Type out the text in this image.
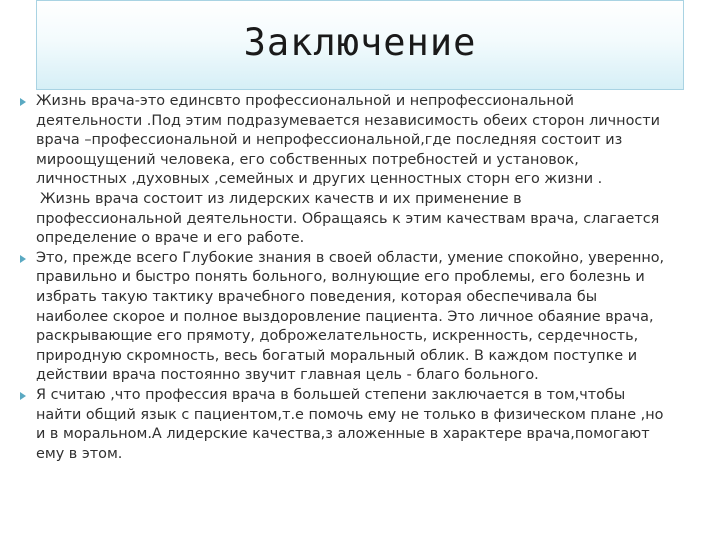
Заключение

Жизнь врача-это единсвто профессиональной и непрофессиональной деятельности .Под этим подразумевается независимость обеих сторон личности врача –профессиональной и непрофессиональной,где последняя состоит из мироощущений человека, его собственных потребностей и установок, личностных ,духовных ,семейных и других ценностных сторн его жизни .

Жизнь врача состоит из лидерских качеств и их применение в профессиональной деятельности. Обращаясь к этим качествам врача, слагается определение о враче и его работе.

Это, прежде всего Глубокие знания в своей области, умение спокойно, уверенно, правильно и быстро понять больного, волнующие его проблемы, его болезнь и избрать такую тактику врачебного поведения, которая обеспечивала бы наиболее скорое и полное выздоровление пациента. Это личное обаяние врача, раскрывающие его прямоту, доброжелательность, искренность, сердечность, природную скромность, весь богатый моральный облик. В каждом поступке и действии врача постоянно звучит главная цель - благо больного.

Я считаю ,что профессия врача в большей степени заключается в том,чтобы найти общий язык с пациентом,т.е помочь ему не только в физическом плане ,но и в моральном.А лидерские качества,з аложенные в характере врача,помогают ему в этом.
